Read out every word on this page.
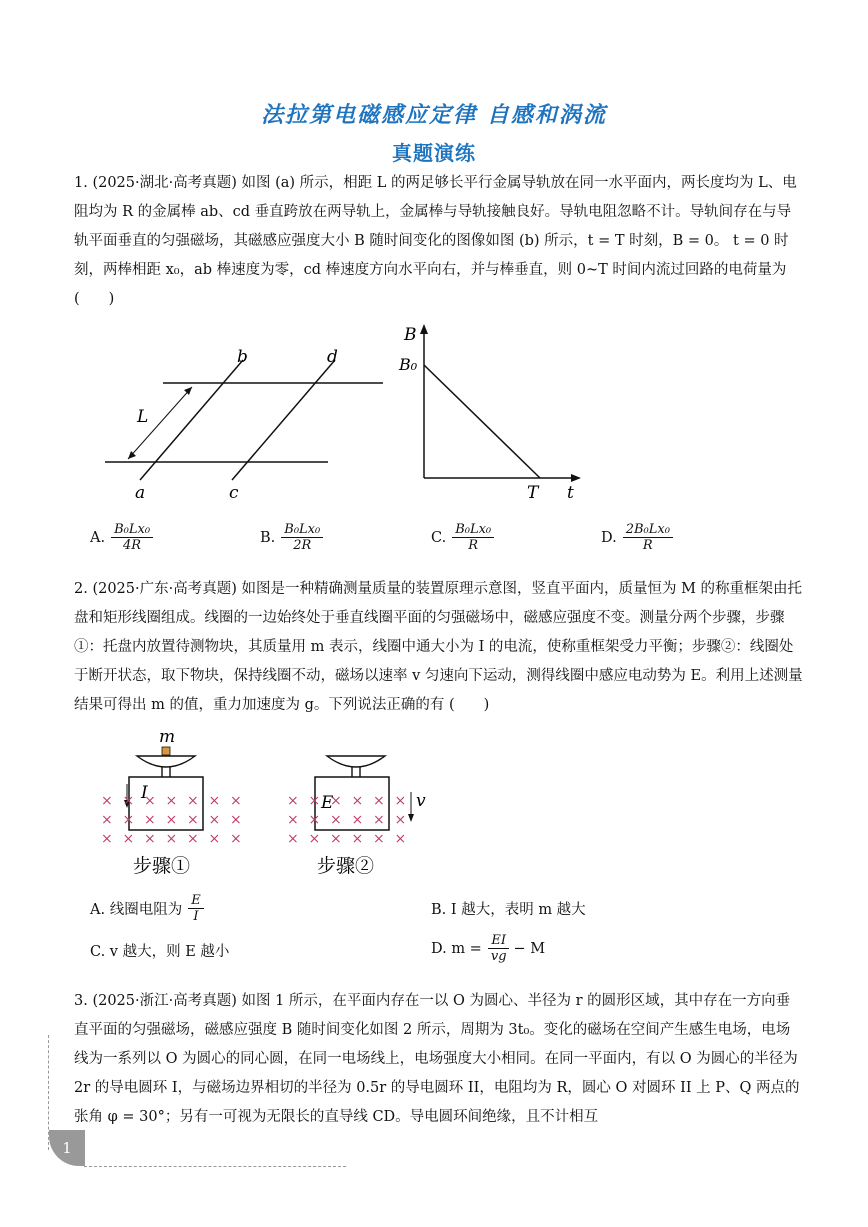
法拉第电磁感应定律 自感和涡流
真题演练
1. (2025·湖北·高考真题) 如图 (a) 所示，相距 L 的两足够长平行金属导轨放在同一水平面内，两长度均为 L、电阻均为 R 的金属棒 ab、cd 垂直跨放在两导轨上，金属棒与导轨接触良好。导轨电阻忽略不计。导轨间存在与导轨平面垂直的匀强磁场，其磁感应强度大小 B 随时间变化的图像如图 (b) 所示，t = T 时刻，B = 0。 t = 0 时刻，两棒相距 x₀，ab 棒速度为零，cd 棒速度方向水平向右，并与棒垂直，则 0~T 时间内流过回路的电荷量为 (　　)
b	d
L
a	c
B
B₀
T t
A. $\frac{\text{B₀Lx₀}}{4R}$	B. $\frac{\text{B₀Lx₀}}{2R}$	C. $\frac{\text{B₀Lx₀}}{R}$	D. $\frac{\text{2B₀Lx₀}}{R}$
2. (2025·广东·高考真题) 如图是一种精确测量质量的装置原理示意图，竖直平面内，质量恒为 M 的称重框架由托盘和矩形线圈组成。线圈的一边始终处于垂直线圈平面的匀强磁场中，磁感应强度不变。测量分两个步骤，步骤①：托盘内放置待测物块，其质量用 m 表示，线圈中通大小为 I 的电流，使称重框架受力平衡；步骤②：线圈处于断开状态，取下物块，保持线圈不动，磁场以速率 v 匀速向下运动，测得线圈中感应电动势为 E。利用上述测量结果可得出 m 的值，重力加速度为 g。下列说法正确的有 (　　)
m
I
× × × × × × ×
× × × × × × ×
× × × × × × ×
步骤①
E	v
× × × × × ×
× × × × × ×
× × × × × ×
步骤②
A. 线圈电阻为 $\frac{E}{I}$	B. I 越大，表明 m 越大
C. v 越大，则 E 越小	D. $m = \frac{EI}{vg} - M$
3. (2025·浙江·高考真题) 如图 1 所示，在平面内存在一以 O 为圆心、半径为 r 的圆形区域，其中存在一方向垂直平面的匀强磁场，磁感应强度 B 随时间变化如图 2 所示，周期为 3t₀。变化的磁场在空间产生感生电场，电场线为一系列以 O 为圆心的同心圆，在同一电场线上，电场强度大小相同。在同一平面内，有以 O 为圆心的半径为 2r 的导电圆环 I，与磁场边界相切的半径为 0.5r 的导电圆环 II，电阻均为 R，圆心 O 对圆环 II 上 P、Q 两点的张角 φ = 30°；另有一可视为无限长的直导线 CD。导电圆环间绝缘，且不计相互
1
